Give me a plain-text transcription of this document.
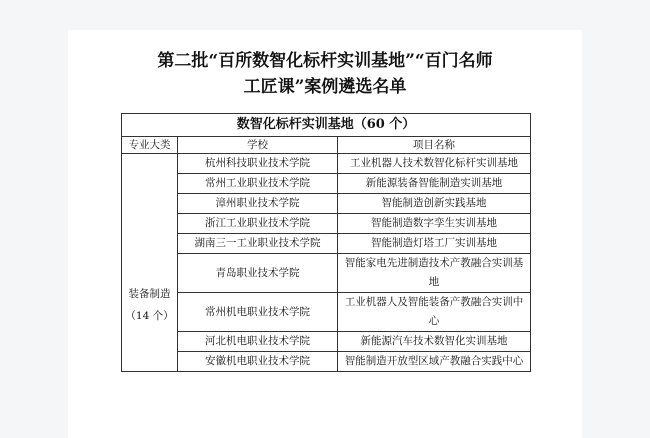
第二批“百所数智化标杆实训基地”“百门名师
工匠课”案例遴选名单
数智化标杆实训基地（60 个）		
专业大类	学校	项目名称

装备制造
（14 个）	杭州科技职业技术学院	工业机器人技术数智化标杆实训基地
	常州工业职业技术学院	新能源装备智能制造实训基地
	漳州职业技术学院	智能制造创新实践基地
	浙江工业职业技术学院	智能制造数字孪生实训基地
	湖南三一工业职业技术学院	智能制造灯塔工厂实训基地
	青岛职业技术学院	智能家电先进制造技术产教融合实训基地
	常州机电职业技术学院	工业机器人及智能装备产教融合实训中心
	河北机电职业技术学院	新能源汽车技术数智化实训基地
	安徽机电职业技术学院	智能制造开放型区域产教融合实践中心
